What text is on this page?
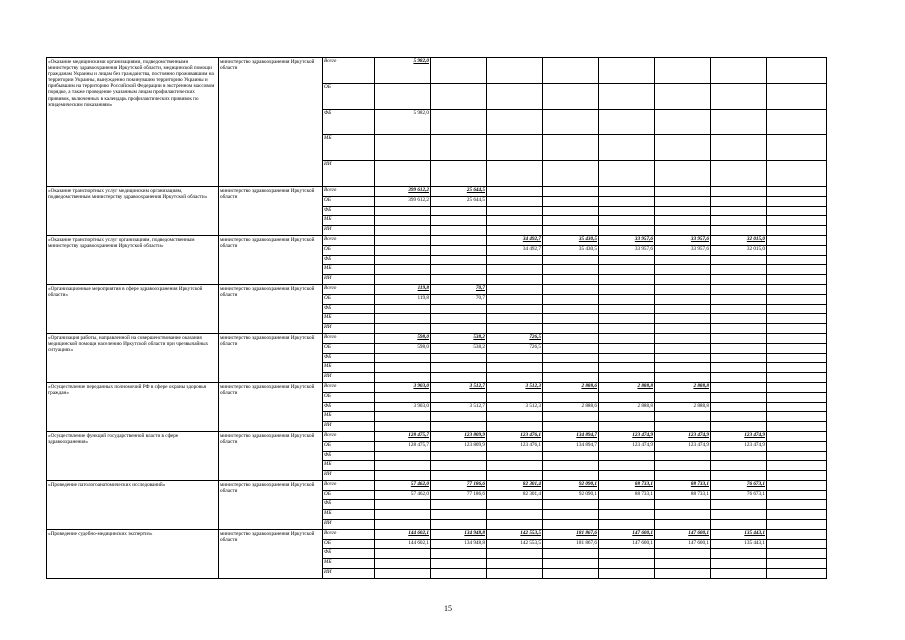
«Оказание медицинскими организациями, подведомственными министерству здравоохранения Иркутской области, медицинской помощи гражданам Украины и лицам без гражданства, постоянно проживавшим на территории Украины, вынужденно покинувшим территорию Украины и прибывшим на территорию Российской Федерации в экстренном массовом порядке, а также проведение указанным лицам профилактических прививок, включенных в календарь профилактических прививок по эпидемическим показаниям»	министерство здравоохранения Иркутской области	Всего	5 982,0							
		ОБ								
		ФБ	5 982,0							
		МБ								
		ИИ								
«Оказание транспортных услуг медицинским организациям, подведомственным министерству здравоохранения Иркутской области»	министерство здравоохранения Иркутской области	Всего	399 612,2	25 644,5						
		ОБ	399 612,2	25 644,5						
		ФБ								
		МБ								
		ИИ								
«Оказание транспортных услуг организациям, подведомственным министерству здравоохранения Иркутской области»	министерство здравоохранения Иркутской области	Всего			34 492,7	35 430,5	33 957,6	33 957,6	32 015,0	
		ОБ			34 492,7	35 430,5	33 957,6	33 957,6	32 015,0	
		ФБ								
		МБ								
		ИИ								
«Организационные мероприятия в сфере здравоохранения Иркутской области»	министерство здравоохранения Иркутской области	Всего	119,8	70,7						
		ОБ	119,8	70,7						
		ФБ								
		МБ								
		ИИ								
«Организация работы, направленной на совершенствование оказания медицинской помощи населению Иркутской области при чрезвычайных ситуациях»	министерство здравоохранения Иркутской области	Всего	598,0	538,2	726,5					
		ОБ	598,0	538,2	726,5					
		ФБ								
		МБ								
		ИИ								
«Осуществление переданных полномочий РФ в сфере охраны здоровья граждан»	министерство здравоохранения Иркутской области	Всего	3 903,0	3 512,7	3 512,3	2 888,6	2 888,8	2 888,8		
		ОБ								
		ФБ	3 903,0	3 512,7	3 512,3	2 888,6	2 888,8	2 888,8		
		МБ								
		ИИ								
«Осуществление функций государственной власти в сфере здравоохранения»	министерство здравоохранения Иркутской области	Всего	128 475,7	123 809,9	123 476,1	134 894,7	123 474,9	123 474,9	123 474,9	
		ОБ	128 475,7	123 809,9	123 476,1	134 894,7	123 474,9	123 474,9	123 474,9	
		ФБ								
		МБ								
		ИИ								
«Проведение патологоанатомических исследований»	министерство здравоохранения Иркутской области	Всего	57 462,0	77 186,6	82 301,4	92 090,1	88 733,1	88 733,1	76 673,1	
		ОБ	57 462,0	77 186,6	82 301,4	92 090,1	88 733,1	88 733,1	76 673,1	
		ФБ								
		МБ								
		ИИ								
«Проведение судебно-медицинских экспертиз»	министерство здравоохранения Иркутской области	Всего	144 602,1	134 948,8	142 553,5	181 867,6	147 600,1	147 600,1	135 443,1	
		ОБ	144 602,1	134 948,8	142 553,5	181 867,6	147 600,1	147 600,1	135 443,1	
		ФБ								
		МБ								
		ИИ								
15
